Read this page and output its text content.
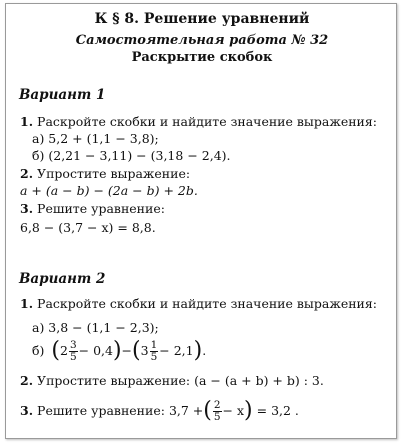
К § 8. Решение уравнений
Самостоятельная работа № 32
Раскрытие скобок
Вариант 1
1. Раскройте скобки и найдите значение выражения:
а) 5,2 + (1,1 − 3,8);
б) (2,21 − 3,11) − (3,18 − 2,4).
2. Упростите выражение:
a + (a − b) − (2a − b) + 2b.
3. Решите уравнение:
6,8 − (3,7 − x) = 8,8.
Вариант 2
1. Раскройте скобки и найдите значение выражения:
а) 3,8 − (1,1 − 2,3);
б) ( $2 \frac{3}{5} - 0,4$ ) − ( $3 \frac{1}{5} - 2,1$ ) .
2. Упростите выражение: (a − (a + b) + b) : 3.
3.
Решите уравнение:
3,7 + ( $\frac{2}{5} - x$ )
= 3,2 .
